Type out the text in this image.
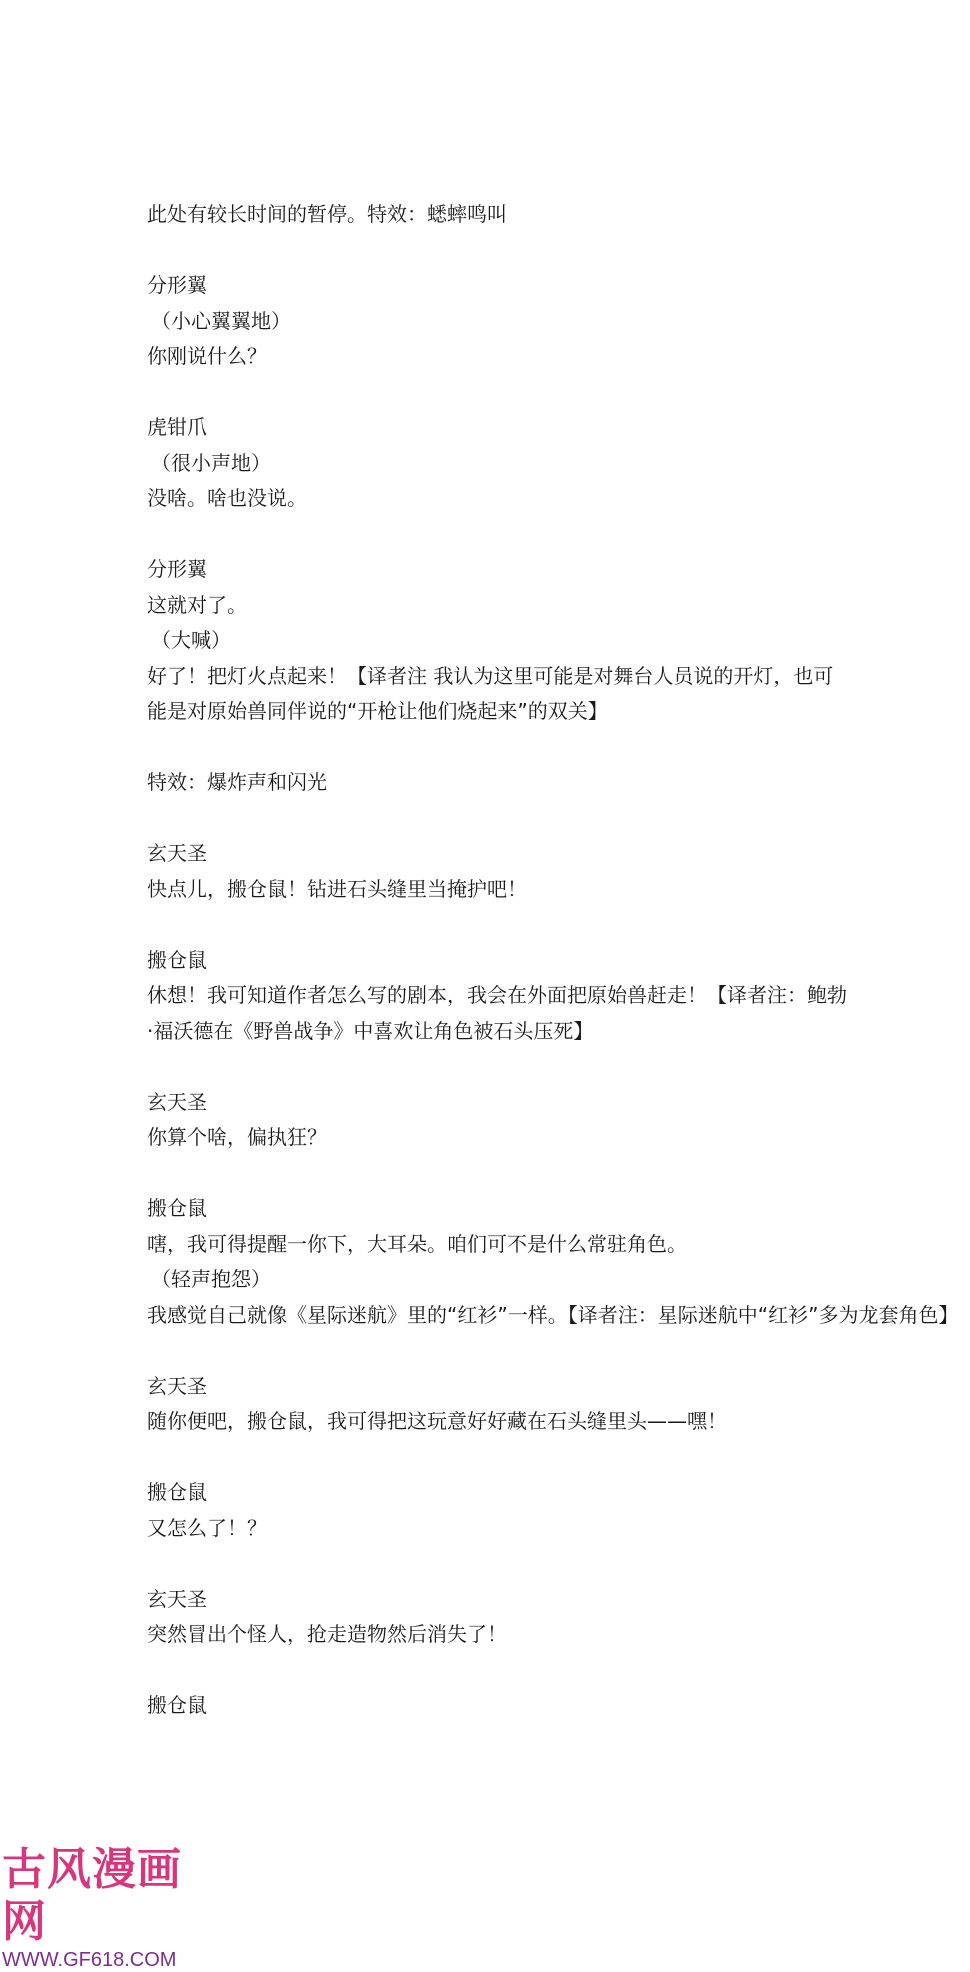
此处有较长时间的暂停。特效：蟋蟀鸣叫
分形翼
（小心翼翼地）
你刚说什么？
虎钳爪
（很小声地）
没啥。啥也没说。
分形翼
这就对了。
（大喊）
好了！把灯火点起来！【译者注 我认为这里可能是对舞台人员说的开灯，也可能是对原始兽同伴说的“开枪让他们烧起来”的双关】
特效：爆炸声和闪光
玄天圣
快点儿，搬仓鼠！钻进石头缝里当掩护吧！
搬仓鼠
休想！我可知道作者怎么写的剧本，我会在外面把原始兽赶走！【译者注：鲍勃·福沃德在《野兽战争》中喜欢让角色被石头压死】
玄天圣
你算个啥，偏执狂？
搬仓鼠
嗐，我可得提醒一你下，大耳朵。咱们可不是什么常驻角色。
（轻声抱怨）
我感觉自己就像《星际迷航》里的“红衫”一样。【译者注：星际迷航中“红衫”多为龙套角色】
玄天圣
随你便吧，搬仓鼠，我可得把这玩意好好藏在石头缝里头——嘿！
搬仓鼠
又怎么了！？
玄天圣
突然冒出个怪人，抢走造物然后消失了！
搬仓鼠
古风漫画网
WWW.GF618.COM
